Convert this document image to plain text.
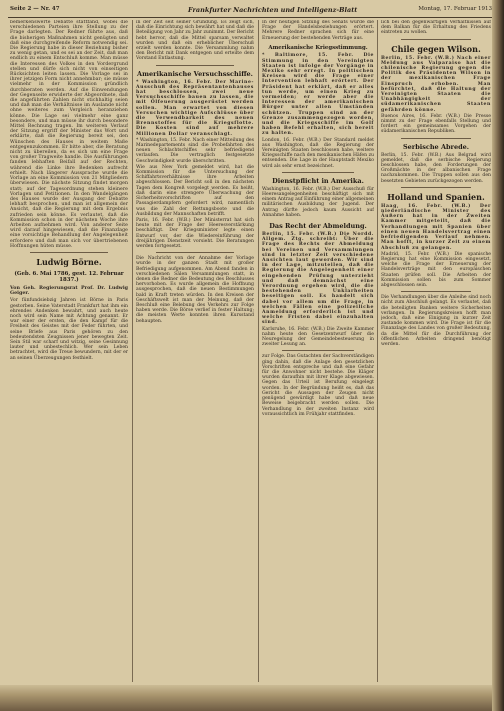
Seite 2 — Nr. 47	Frankfurter Nachrichten und Intelligenz-Blatt	Montag, 17. Februar 1913

bemerkenswerte Debatte stattfand, wobei die verschiedenen Parteien ihre Stellung zu der Frage darlegten. Der Redner führte aus, daß die bisherigen Maßnahmen nicht genügten und daß eine durchgreifende Reform notwendig sei. Die Regierung habe in dieser Beziehung bisher zu wenig getan, und es sei an der Zeit, daß man endlich zu einem Entschluß komme. Man müsse die Interessen des Volkes in den Vordergrund stellen und dürfe sich nicht von einseitigen Rücksichten leiten lassen. Die Vorlage sei in ihrer jetzigen Form nicht annehmbar; sie müsse vielmehr in der Kommission gründlich durchberaten werden. Auf die Einwendungen der Gegenseite erwiderte der Abgeordnete, daß die angeführten Zahlen nicht stichhaltig seien und daß man die Verhältnisse im Auslande nicht ohne weiteres zum Vergleich heranziehen könne. Die Lage sei vielmehr eine ganz besondere, und man müsse ihr durch besondere Mittel Rechnung tragen. Im weiteren Verlauf der Sitzung ergriff der Minister das Wort und erklärte, daß die Regierung bereit sei, den Wünschen des Hauses in weitem Maße entgegenzukommen. Er bitte aber, die Beratung nicht zu übereilen, da es sich um eine Frage von großer Tragweite handle. Die Ausführungen fanden lebhaften Beifall auf der Rechten, während die Linke ihre Bedenken aufrecht erhielt. Nach längerer Aussprache wurde die Vorlage an eine Kommission von 21 Mitgliedern überwiesen. Die nächste Sitzung findet morgen statt; auf der Tagesordnung stehen kleinere Vorlagen und Petitionen. In den Wandelgängen des Hauses wurde der Ausgang der Debatte lebhaft besprochen, und man ist allgemein der Ansicht, daß die Regierung mit dem Ergebnis zufrieden sein könne. Es verlautet, daß die Kommission schon in der nächsten Woche ihre Arbeiten aufnehmen wird. Von anderer Seite wird darauf hingewiesen, daß die Finanzlage eine vorsichtige Behandlung der Angelegenheit erfordere und daß man sich vor übertriebenen Hoffnungen hüten müsse.

Ludwig Börne.
(Geb. 6. Mai 1786, gest. 12. Februar 1837.)
Von Geh. Regierungsrat Prof. Dr. Ludwig Geiger.

Vor fünfundsiebzig Jahren ist Börne in Paris gestorben. Seine Vaterstadt Frankfurt hat ihm ein ehrendes Andenken bewahrt, und auch heute noch wird sein Name mit Achtung genannt. Er war einer der ersten, die den Kampf für die Freiheit des Geistes mit der Feder führten, und seine Briefe aus Paris gehören zu den bedeutendsten Zeugnissen jener bewegten Zeit. Sein Stil war scharf und witzig, seine Gesinnung lauter und unbestechlich. Wer sein Leben betrachtet, wird die Treue bewundern, mit der er an seinen Überzeugungen festhielt.

in der Zeit seit seiner Gründung. Es zeigt sich, daß die Einrichtung sich bewährt hat und daß die Beteiligung von Jahr zu Jahr zunimmt. Der Bericht hebt hervor, daß die Mittel sparsam verwaltet wurden und daß ein erheblicher Überschuß erzielt werden konnte. Die Versammlung nahm den Bericht mit Dank entgegen und erteilte dem Vorstand Entlastung.

Amerikanische Versuchsschiffe.

* Washington, 16. Febr. Der Marine-Ausschuß des Repräsentantenhauses hat beschlossen, zwei neue Versuchsschiffe bauen zu lassen, die mit Ölfeuerung ausgerüstet werden sollen. Man erwartet von diesen Versuchen wichtige Aufschlüsse über die Verwendbarkeit des neuen Brennstoffes für die Kriegsflotte. Die Kosten sind auf mehrere Millionen Dollar veranschlagt.

* Washington, 15. Febr. Nach einer Mitteilung des Marinedepartements sind die Probefahrten des neuen Schlachtschiffes sehr befriedigend verlaufen. Die vertraglich festgesetzte Geschwindigkeit wurde überschritten.

Wie aus New York gemeldet wird, hat die Kommission für die Untersuchung der Schiffahrtsverhältnisse ihre Arbeiten abgeschlossen. Der Bericht soll in den nächsten Tagen dem Kongreß vorgelegt werden. Es heißt, daß darin eine strengere Überwachung der Sicherheitsvorschriften auf den Passagierdampfern gefordert wird, namentlich was die Zahl der Rettungsboote und die Ausbildung der Mannschaften betrifft.

Paris, 16. Febr. (W.B.) Der Ministerrat hat sich heute mit der Frage der Heeresverstärkung beschäftigt. Der Kriegsminister legte einen Entwurf vor, der die Wiedereinführung der dreijährigen Dienstzeit vorsieht. Die Beratungen werden fortgesetzt.

Die Nachricht von der Annahme der Vorlage wurde in der ganzen Stadt mit großer Befriedigung aufgenommen. Am Abend fanden in verschiedenen Sälen Versammlungen statt, in denen die Redner die Bedeutung des Beschlusses hervorhoben. Es wurde allgemein die Hoffnung ausgesprochen, daß die neuen Bestimmungen bald in Kraft treten würden. In den Kreisen der Geschäftswelt ist man der Meinung, daß der Beschluß eine Belebung des Verkehrs zur Folge haben werde. Die Börse verlief in fester Haltung; die meisten Werte konnten ihren Kursstand behaupten.

In der heutigen Sitzung des Senats wurde die Frage der Handelsbeziehungen erörtert. Mehrere Redner sprachen sich für eine Erneuerung der bestehenden Verträge aus.

Amerikanische Kriegsstimmung.

* Baltimore, 15. Febr. Die Stimmung in den Vereinigten Staaten ist infolge der Vorgänge in Mexiko sehr erregt. In politischen Kreisen wird die Frage einer Intervention lebhaft erörtert. Der Präsident hat erklärt, daß er alles tun werde, um einen Krieg zu vermeiden; er werde aber die Interessen der amerikanischen Bürger unter allen Umständen schützen. Truppen sind an der Grenze zusammengezogen worden, und die Kriegsschiffe im Golf haben Befehl erhalten, sich bereit zu halten.

London, 16. Febr. (W.B.) Der Standard meldet aus Washington, daß die Regierung der Vereinigten Staaten beschlossen habe, weitere Kriegsschiffe nach den mexikanischen Häfen zu entsenden. Die Lage in der Hauptstadt Mexiko wird als sehr ernst bezeichnet.

Dienstpflicht in Amerika.

Washington, 16. Febr. (W.B.) Der Ausschuß für Heeresangelegenheiten beschäftigt sich mit einem Antrag auf Einführung einer allgemeinen militärischen Ausbildung der Jugend. Der Antrag dürfte jedoch kaum Aussicht auf Annahme haben.

Das Recht der Abmeldung.

Berlin, 15. Febr. (W.B.) Die Nordd. Allgem. Ztg. schreibt: Über die Frage des Rechts der Abmeldung bei Vereinen und Versammlungen sind in letzter Zeit verschiedene Ansichten laut geworden. Wir sind in der Lage, mitzuteilen, daß die Regierung die Angelegenheit einer eingehenden Prüfung unterzieht und daß demnächst eine Verordnung ergehen wird, die die bestehenden Unklarheiten beseitigen soll. Es handelt sich dabei vor allem um die Frage, in welchen Fällen eine polizeiliche Anmeldung erforderlich ist und welche Fristen dabei einzuhalten sind.

Karlsruhe, 16. Febr. (W.B.) Die Zweite Kammer nahm heute den Gesetzentwurf über die Neuregelung der Gemeindebesteuerung in zweiter Lesung an.

zur Folge. Das Gutachten der Sachverständigen ging dahin, daß die Anlage den gesetzlichen Vorschriften entspreche und daß eine Gefahr für die Anwohner nicht bestehe. Die Kläger wurden daraufhin mit ihrer Klage abgewiesen. Gegen das Urteil ist Berufung eingelegt worden. In der Begründung heißt es, daß das Gericht die Aussagen der Zeugen nicht genügend gewürdigt habe und daß neue Beweise beigebracht werden sollen. Die Verhandlung in der zweiten Instanz wird voraussichtlich im Frühjahr stattfinden.

lich bei den gegenwärtigen Verhältnissen auf dem Balkan für die Erhaltung des Friedens eintreten zu wollen.

Chile gegen Wilson.

Berlin, 15. Febr. (W.B.) Nach einer Meldung aus Valparaiso hat die chilenische Regierung gegen die Politik des Präsidenten Wilson in der mexikanischen Frage Einspruch erhoben. Man befürchtet, daß die Haltung der Vereinigten Staaten die Unabhängigkeit der südamerikanischen Staaten gefährden könne.

Buenos Aires, 16. Febr. (W.B.) Die Presse nimmt zu der Frage ebenfalls Stellung und fordert ein gemeinsames Vorgehen der südamerikanischen Republiken.

Serbische Abrede.

Berlin, 15. Febr. (W.B.) Aus Belgrad wird gemeldet, daß die serbische Regierung beschlossen habe, den Forderungen der Großmächte in der albanischen Frage nachzukommen. Die Truppen sollen aus den besetzten Gebieten zurückgezogen werden.

Holland und Spanien.

Haag, 16. Febr. (W.B.) Der niederländische Minister des Äußern hat in der Zweiten Kammer mitgeteilt, daß die Verhandlungen mit Spanien über einen neuen Handelsvertrag einen befriedigenden Verlauf nehmen. Man hofft, in kurzer Zeit zu einem Abschluß zu gelangen.

Madrid, 15. Febr. (W.B.) Die spanische Regierung hat eine Kommission eingesetzt, welche die Frage der Erneuerung der Handelsverträge mit den europäischen Staaten prüfen soll. Die Arbeiten der Kommission sollen bis zum Sommer abgeschlossen sein.

Die Verhandlungen über die Anleihe sind noch nicht zum Abschluß gelangt. Es verlautet, daß die beteiligten Banken weitere Sicherheiten verlangen. In Regierungskreisen hofft man jedoch, daß eine Einigung in kurzer Zeit zustande kommen wird. Die Frage ist für die Finanzlage des Landes von großer Bedeutung, da die Mittel für die Durchführung der öffentlichen Arbeiten dringend benötigt werden.
